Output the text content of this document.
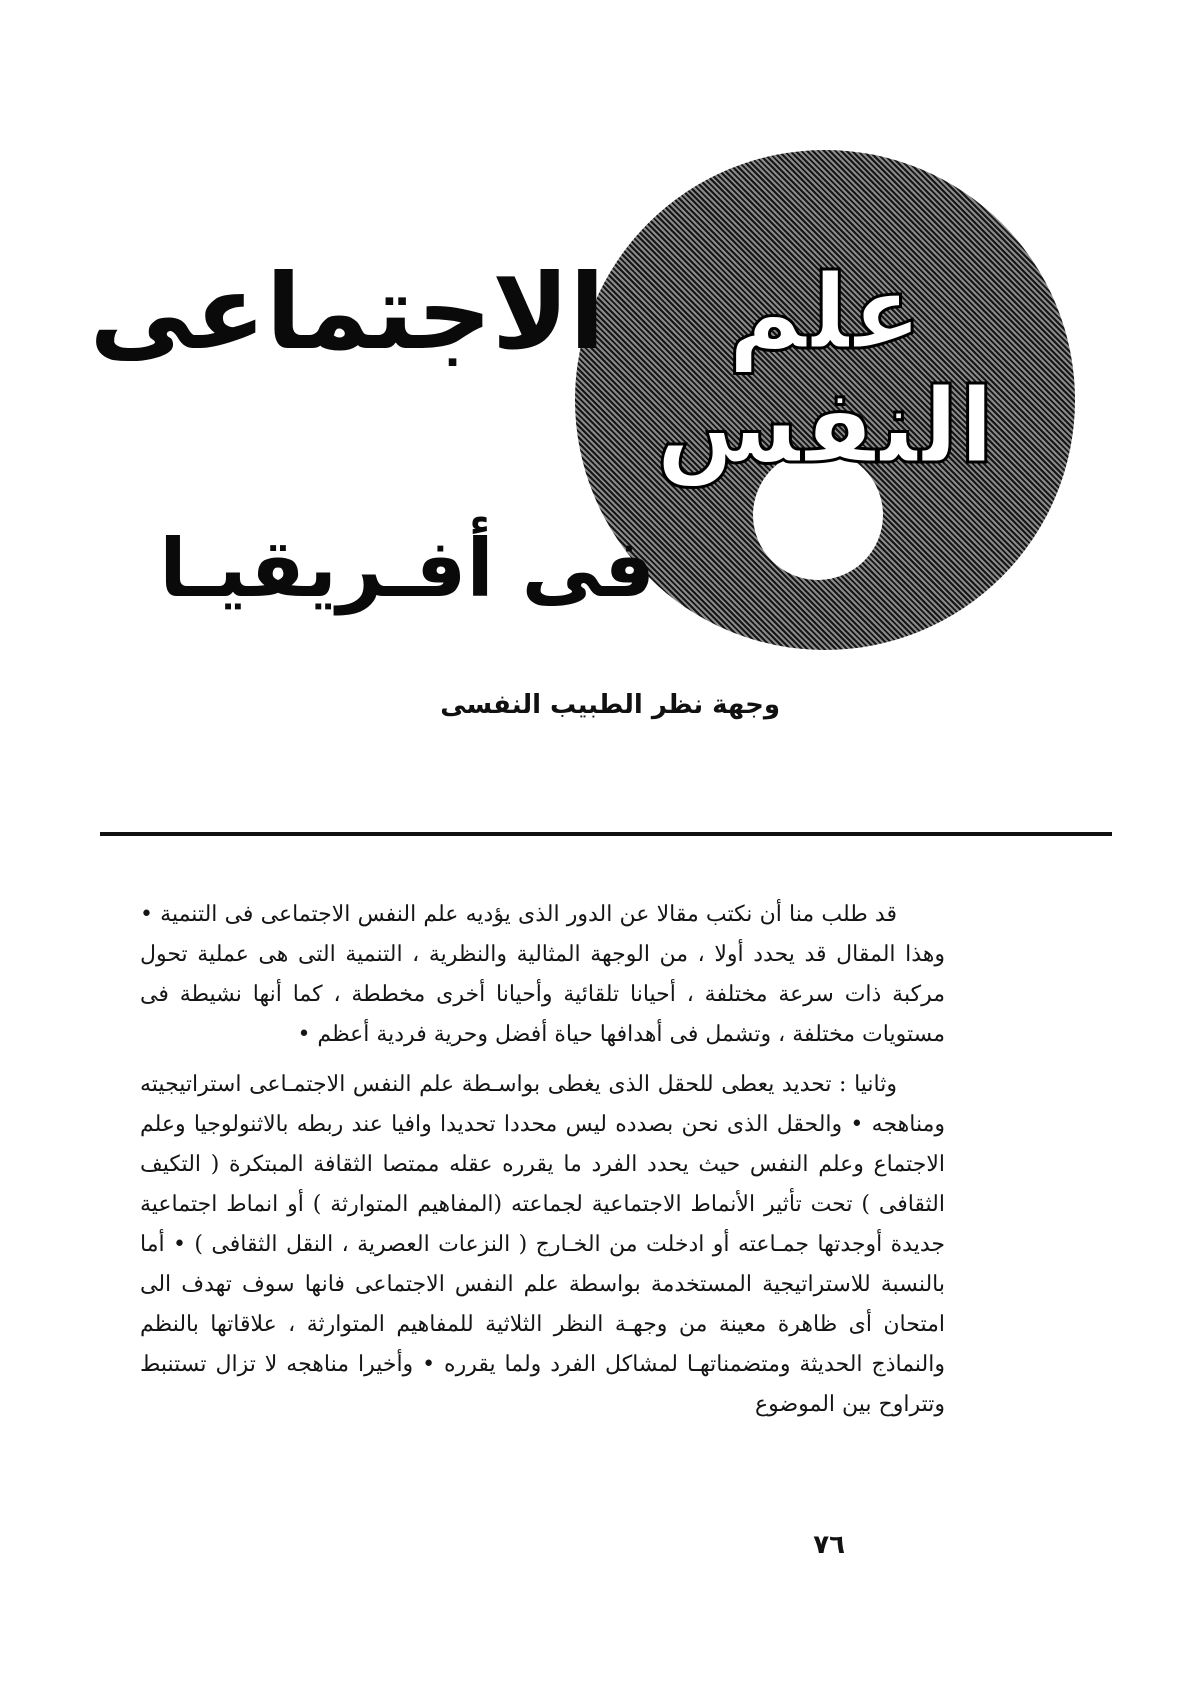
علم النفس
الاجتماعى
فى أفـريقيـا
وجهة نظر الطبيب النفسى

قد طلب منا أن نكتب مقالا عن الدور الذى يؤديه علم النفس الاجتماعى فى التنمية • وهذا المقال قد يحدد أولا ، من الوجهة المثالية والنظرية ، التنمية التى هى عملية تحول مركبة ذات سرعة مختلفة ، أحيانا تلقائية وأحيانا أخرى مخططة ، كما أنها نشيطة فى مستويات مختلفة ، وتشمل فى أهدافها حياة أفضل وحرية فردية أعظم •

وثانيا : تحديد يعطى للحقل الذى يغطى بواسـطة علم النفس الاجتمـاعى استراتيجيته ومناهجه • والحقل الذى نحن بصدده ليس محددا تحديدا وافيا عند ربطه بالاثنولوجيا وعلم الاجتماع وعلم النفس حيث يحدد الفرد ما يقرره عقله ممتصا الثقافة المبتكرة ( التكيف الثقافى ) تحت تأثير الأنماط الاجتماعية لجماعته (المفاهيم المتوارثة ) أو انماط اجتماعية جديدة أوجدتها جمـاعته أو ادخلت من الخـارج ( النزعات العصرية ، النقل الثقافى ) • أما بالنسبة للاستراتيجية المستخدمة بواسطة علم النفس الاجتماعى فانها سوف تهدف الى امتحان أى ظاهرة معينة من وجهـة النظر الثلاثية للمفاهيم المتوارثة ، علاقاتها بالنظم والنماذج الحديثة ومتضمناتهـا لمشاكل الفرد ولما يقرره • وأخيرا مناهجه لا تزال تستنبط وتتراوح بين الموضوع

٧٦
